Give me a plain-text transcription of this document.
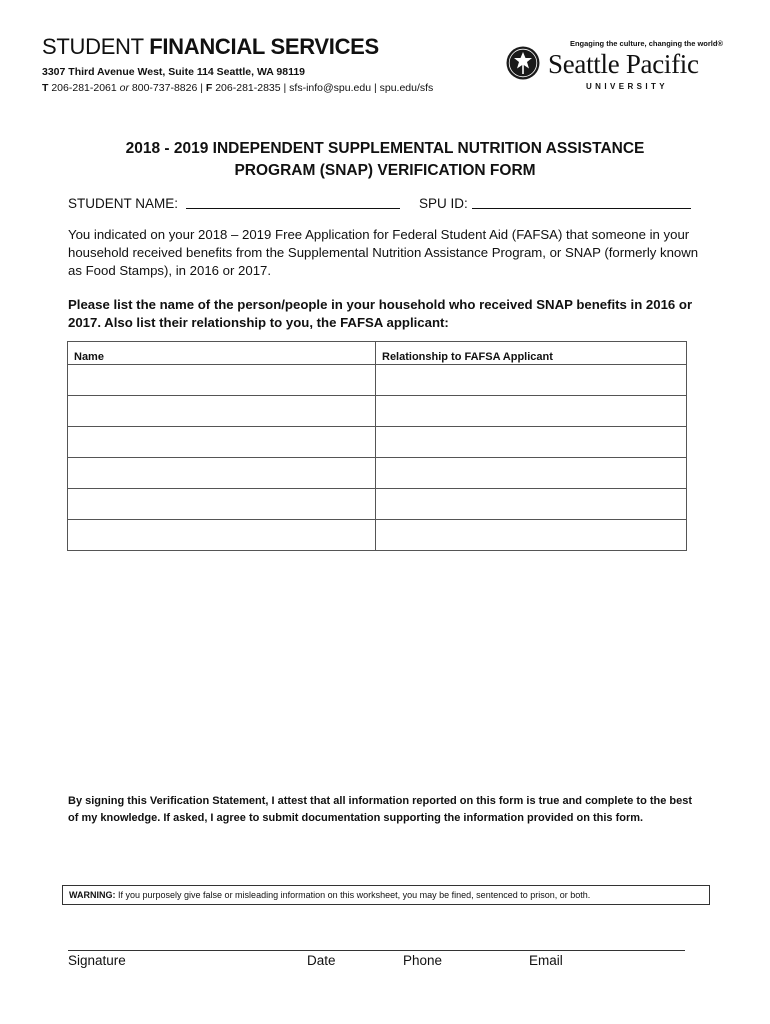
STUDENT FINANCIAL SERVICES
3307 Third Avenue West, Suite 114 Seattle, WA 98119
T 206-281-2061 or 800-737-8826 | F 206-281-2835 | sfs-info@spu.edu | spu.edu/sfs
Engaging the culture, changing the world®
Seattle Pacific
UNIVERSITY
2018 - 2019 INDEPENDENT SUPPLEMENTAL NUTRITION ASSISTANCE
PROGRAM (SNAP) VERIFICATION FORM
STUDENT NAME:	SPU ID:
You indicated on your 2018 – 2019 Free Application for Federal Student Aid (FAFSA) that someone in your household received benefits from the Supplemental Nutrition Assistance Program, or SNAP (formerly known as Food Stamps), in 2016 or 2017.
Please list the name of the person/people in your household who received SNAP benefits in 2016 or 2017. Also list their relationship to you, the FAFSA applicant:
Name	Relationship to FAFSA Applicant

By signing this Verification Statement, I attest that all information reported on this form is true and complete to the best of my knowledge. If asked, I agree to submit documentation supporting the information provided on this form.
WARNING: If you purposely give false or misleading information on this worksheet, you may be fined, sentenced to prison, or both.
Signature	Date	Phone	Email
